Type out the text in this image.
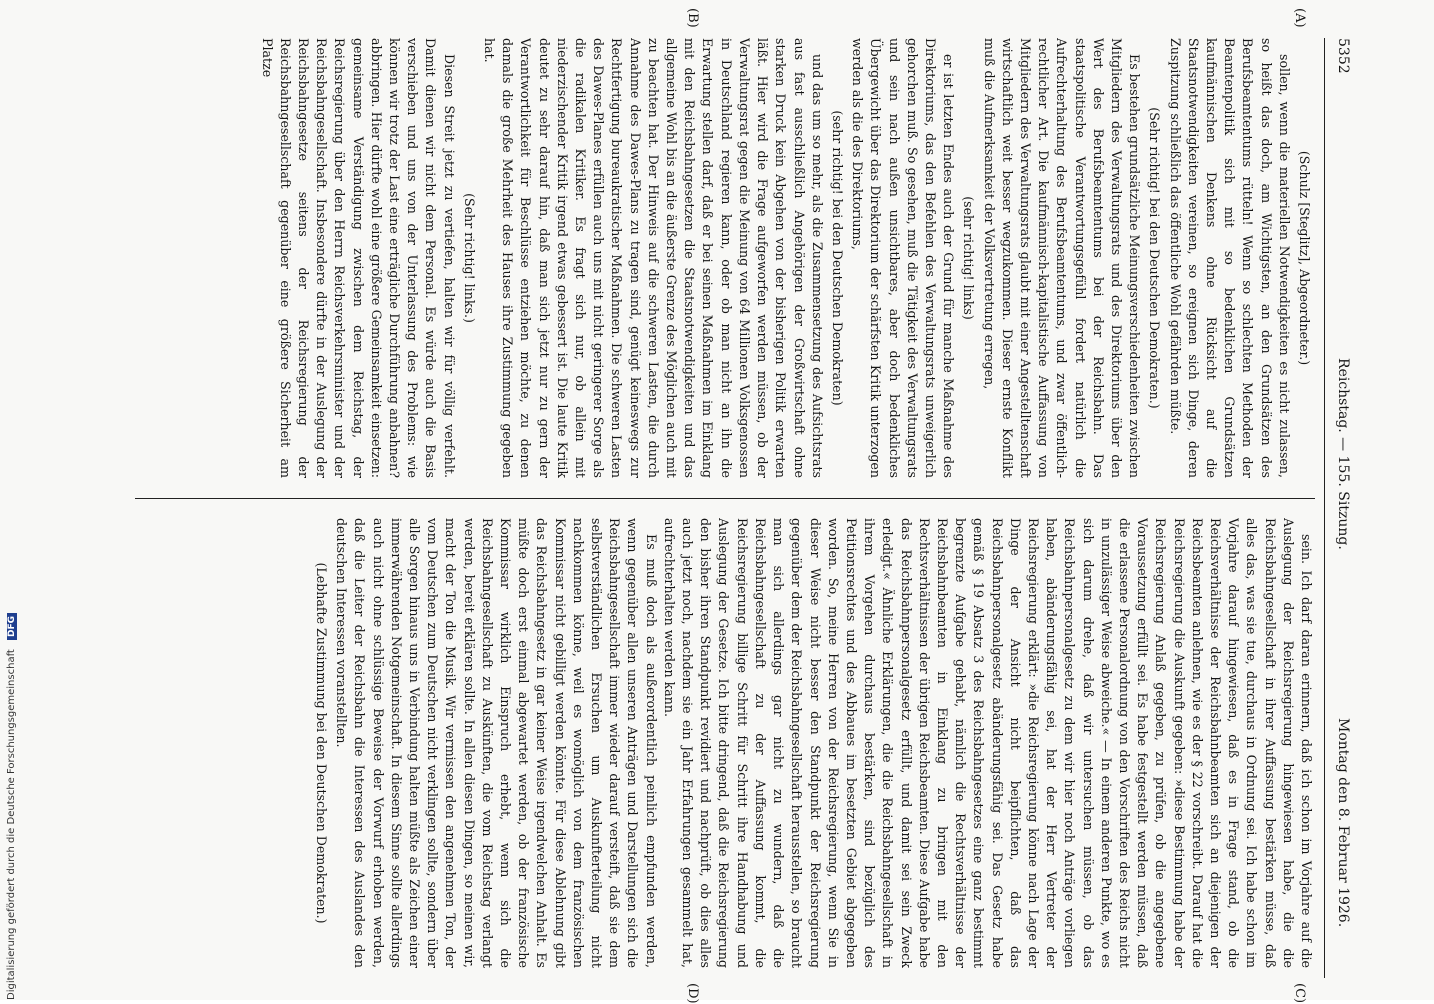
5352
Reichstag. — 155. Sitzung.
Montag den 8. Februar 1926.
(A)
(B)
(C)
(D)

(Schulz [Steglitz], Abgeordneter.)

sollen, wenn die materiellen Notwendigkeiten es nicht zulassen, so heißt das doch, am Wichtigsten, an den Grundsätzen des Berufsbeamtentums rütteln! Wenn so schlechten Methoden der Beamtenpolitik sich mit so bedenklichen Grundsätzen kaufmännischen Denkens ohne Rücksicht auf die Staatsnotwendigkeiten vereinen, so ereignen sich Dinge, deren Zuspitzung schließlich das öffentliche Wohl gefährden müßte.

(Sehr richtig! bei den Deutschen Demokraten.)

Es bestehen grundsätzliche Meinungsverschiedenheiten zwischen Mitgliedern des Verwaltungsrats und des Direktoriums über den Wert des Berufsbeamtentums bei der Reichsbahn. Das staatspolitische Verantwortungsgefühl fordert natürlich die Aufrechterhaltung des Berufsbeamtentums, und zwar öffentlich-rechtlicher Art. Die kaufmännisch-kapitalistische Auffassung von Mitgliedern des Verwaltungsrats glaubt mit einer Angestelltenschaft wirtschaftlich weit besser wegzukommen. Dieser ernste Konflikt muß die Aufmerksamkeit der Volksvertretung erregen,

(sehr richtig! links)

er ist letzten Endes auch der Grund für manche Maßnahme des Direktoriums, das den Befehlen des Verwaltungsrats unweigerlich gehorchen muß. So gesehen, muß die Tätigkeit des Verwaltungsrats und sein nach außen unsichtbares, aber doch bedenkliches Übergewicht über das Direktorium der schärfsten Kritik unterzogen werden als die des Direktoriums,

(sehr richtig! bei den Deutschen Demokraten)

und das um so mehr, als die Zusammensetzung des Aufsichtsrats aus fast ausschließlich Angehörigen der Großwirtschaft ohne starken Druck kein Abgehen von der bisherigen Politik erwarten läßt. Hier wird die Frage aufgeworfen werden müssen, ob der Verwaltungsrat gegen die Meinung von 64 Millionen Volksgenossen in Deutschland regieren kann, oder ob man nicht an ihn die Erwartung stellen darf, daß er bei seinen Maßnahmen im Einklang mit den Reichsbahngesetzen die Staatsnotwendigkeiten und das allgemeine Wohl bis an die äußerste Grenze des Möglichen auch mit zu beachten hat. Der Hinweis auf die schweren Lasten, die durch Annahme des Dawes-Plans zu tragen sind, genügt keineswegs zur Rechtfertigung bureaukratischer Maßnahmen. Die schweren Lasten des Dawes-Planes erfüllen auch uns mit nicht geringerer Sorge als die radikalen Kritiker. Es fragt sich nur, ob allein mit niederzischender Kritik irgend etwas gebessert ist. Die laute Kritik deutet zu sehr darauf hin, daß man sich jetzt nur zu gern der Verantwortlichkeit für Beschlüsse entziehen möchte, zu denen damals die große Mehrheit des Hauses ihre Zustimmung gegeben hat.

(Sehr richtig! links.)

Diesen Streit jetzt zu vertiefen, halten wir für völlig verfehlt. Damit dienen wir nicht dem Personal. Es würde auch die Basis verschieben und uns von der Unterlassung des Problems: wie können wir trotz der Last eine erträgliche Durchführung anbahnen? abbringen. Hier dürfte wohl eine größere Gemeinsamkeit einsetzen: gemeinsame Verständigung zwischen dem Reichstag, der Reichsregierung über den Herrn Reichsverkehrsminister und der Reichsbahngesellschaft. Insbesondere dürfte in der Auslegung der Reichsbahngesetze seitens der Reichsregierung der Reichsbahngesellschaft gegenüber eine größere Sicherheit am Platze

sein. Ich darf daran erinnern, daß ich schon im Vorjahre auf die Auslegung der Reichsregierung hingewiesen habe, die die Reichsbahngesellschaft in ihrer Auffassung bestärken müsse, daß alles das, was sie tue, durchaus in Ordnung sei. Ich habe schon im Vorjahre darauf hingewiesen, daß es in Frage stand, ob die Reichsverhältnisse der Reichsbahnbeamten sich an diejenigen der Reichsbeamten anlehnen, wie es der § 22 vorschreibt. Darauf hat die Reichsregierung die Auskunft gegeben: »diese Bestimmung habe der Reichsregierung Anlaß gegeben, zu prüfen, ob die angegebene Voraussetzung erfüllt sei. Es habe festgestellt werden müssen, daß die erlassene Personalordnung von den Vorschriften des Reichs nicht in unzulässiger Weise abweiche.« — In einem anderen Punkte, wo es sich darum drehe, daß wir untersuchen müssen, ob das Reichsbahnpersonalgesetz zu dem wir hier noch Anträge vorliegen haben, abänderungsfähig sei, hat der Herr Vertreter der Reichsregierung erklärt: »die Reichsregierung könne nach Lage der Dinge der Ansicht nicht beipflichten, daß das Reichsbahnpersonalgesetz abänderungsfähig sei. Das Gesetz habe gemäß § 19 Absatz 3 des Reichsbahngesetzes eine ganz bestimmt begrenzte Aufgabe gehabt, nämlich die Rechtsverhältnisse der Reichsbahnbeamten in Einklang zu bringen mit den Rechtsverhältnissen der übrigen Reichsbeamten. Diese Aufgabe habe das Reichsbahnpersonalgesetz erfüllt, und damit sei sein Zweck erledigt.« Ähnliche Erklärungen, die die Reichsbahngesellschaft in ihrem Vorgehen durchaus bestärken, sind bezüglich des Petitionsrechtes und des Abbaues im besetzten Gebiet abgegeben worden. So, meine Herren von der Reichsregierung, wenn Sie in dieser Weise nicht besser den Standpunkt der Reichsregierung gegenüber dem der Reichsbahngesellschaft herausstellen, so braucht man sich allerdings gar nicht zu wundern, daß die Reichsbahngesellschaft zu der Auffassung kommt, die Reichsregierung billige Schritt für Schritt ihre Handhabung und Auslegung der Gesetze. Ich bitte dringend, daß die Reichsregierung den bisher ihren Standpunkt revidiert und nachprüft, ob dies alles auch jetzt noch, nachdem sie ein Jahr Erfahrungen gesammelt hat, aufrechterhalten werden kann.

Es muß doch als außerordentlich peinlich empfunden werden, wenn gegenüber allen unseren Anträgen und Darstellungen sich die Reichsbahngesellschaft immer wieder darauf versteift, daß sie dem selbstverständlichen Ersuchen um Auskunfterteilung nicht nachkommen könne, weil es womöglich von dem französischen Kommissar nicht gebilligt werden könnte. Für diese Ablehnung gibt das Reichsbahngesetz in gar keiner Weise irgendwelchen Anhalt. Es müßte doch erst einmal abgewartet werden, ob der französische Kommissar wirklich Einspruch erhebt, wenn sich die Reichsbahngesellschaft zu Auskünften, die vom Reichstag verlangt werden, bereit erklären sollte. In allen diesen Dingen, so meinen wir, macht der Ton die Musik. Wir vermissen den angenehmen Ton, der vom Deutschen zum Deutschen nicht verklingen sollte, sondern über alle Sorgen hinaus uns in Verbindung halten müßte als Zeichen einer immerwährenden Notgemeinschaft. In diesem Sinne sollte allerdings auch nicht ohne schlüssige Beweise der Vorwurf erhoben werden, daß die Leiter der Reichsbahn die Interessen des Auslandes den deutschen Interessen voranstellten.

(Lebhafte Zustimmung bei den Deutschen Demokraten.)

Digitalisierung gefördert durch die Deutsche Forschungsgemeinschaft DFG
